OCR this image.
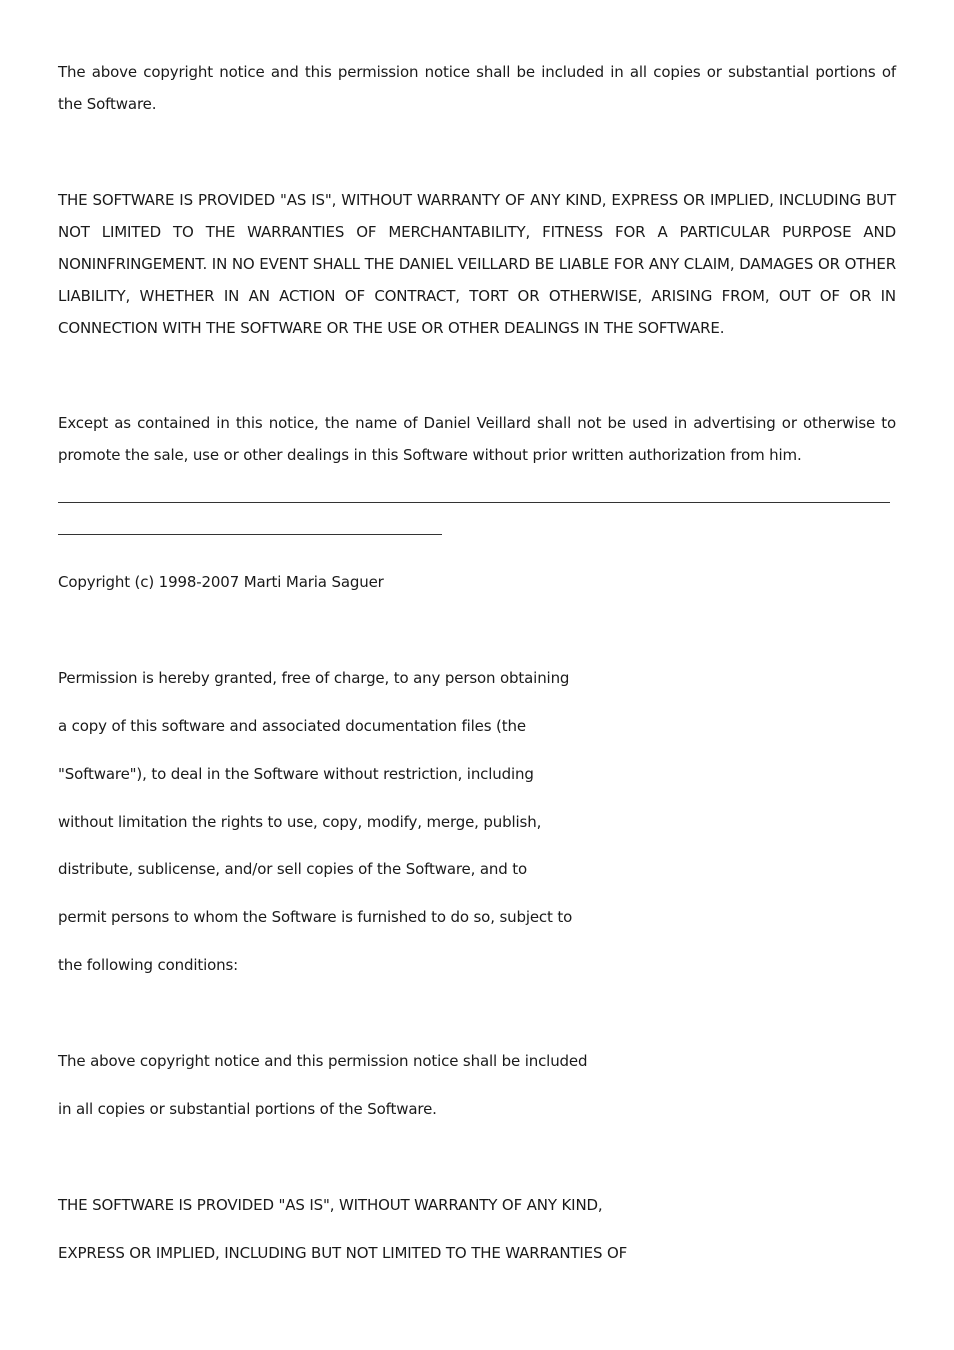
The above copyright notice and this permission notice shall be included in all copies or substantial portions of the Software.

THE SOFTWARE IS PROVIDED "AS IS", WITHOUT WARRANTY OF ANY KIND, EXPRESS OR IMPLIED, INCLUDING BUT NOT LIMITED TO THE WARRANTIES OF MERCHANTABILITY, FITNESS FOR A PARTICULAR PURPOSE AND NONINFRINGEMENT. IN NO EVENT SHALL THE DANIEL VEILLARD BE LIABLE FOR ANY CLAIM, DAMAGES OR OTHER LIABILITY, WHETHER IN AN ACTION OF CONTRACT, TORT OR OTHERWISE, ARISING FROM, OUT OF OR IN CONNECTION WITH THE SOFTWARE OR THE USE OR OTHER DEALINGS IN THE SOFTWARE.

Except as contained in this notice, the name of Daniel Veillard shall not be used in advertising or otherwise to promote the sale, use or other dealings in this Software without prior written authorization from him.

Copyright (c) 1998-2007 Marti Maria Saguer

Permission is hereby granted, free of charge, to any person obtaining

a copy of this software and associated documentation files (the

"Software"), to deal in the Software without restriction, including

without limitation the rights to use, copy, modify, merge, publish,

distribute, sublicense, and/or sell copies of the Software, and to

permit persons to whom the Software is furnished to do so, subject to

the following conditions:

The above copyright notice and this permission notice shall be included

in all copies or substantial portions of the Software.

THE SOFTWARE IS PROVIDED "AS IS", WITHOUT WARRANTY OF ANY KIND,

EXPRESS OR IMPLIED, INCLUDING BUT NOT LIMITED TO THE WARRANTIES OF
